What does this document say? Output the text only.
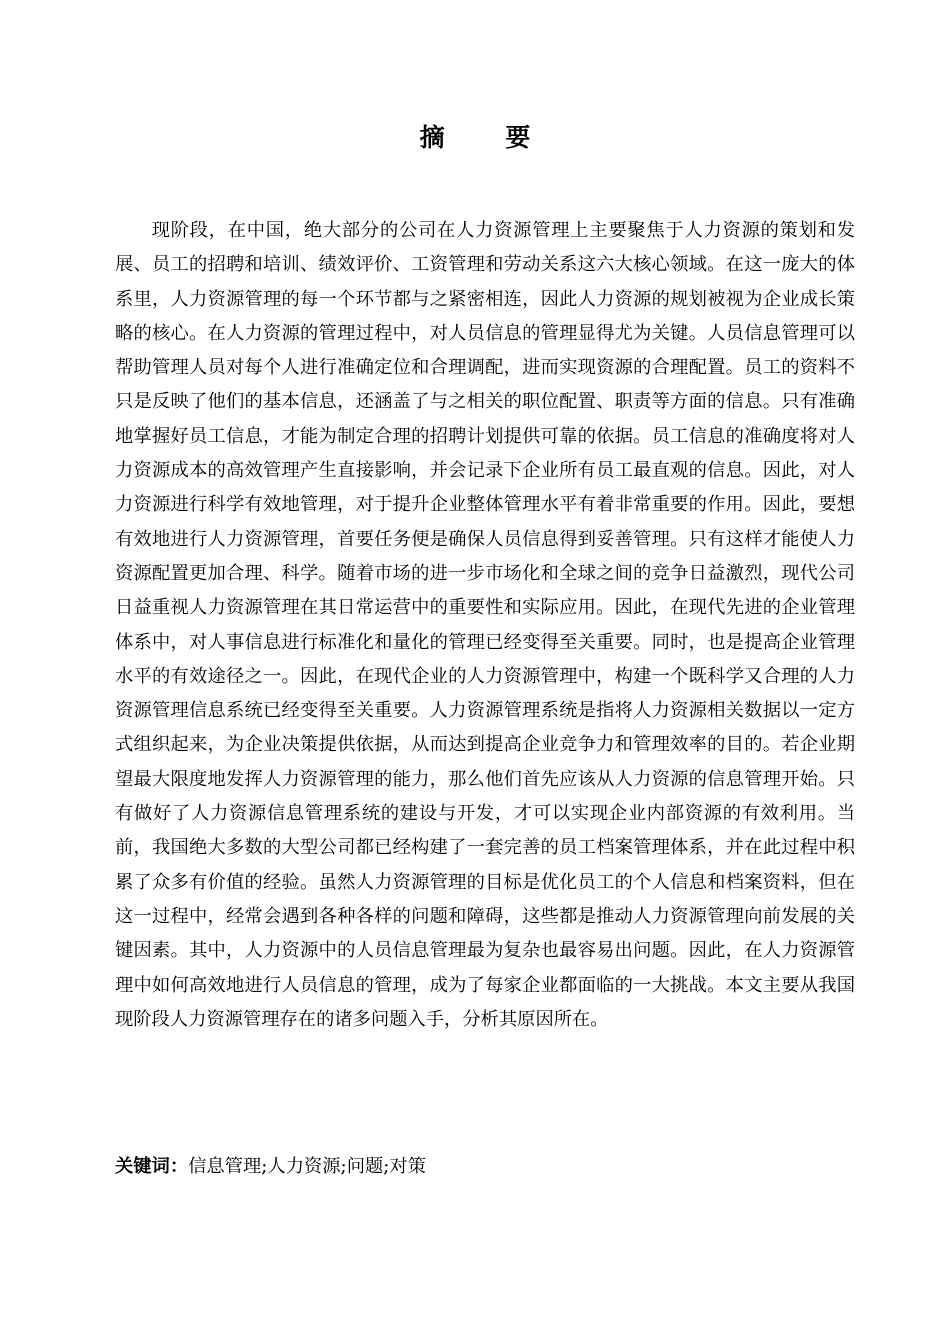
摘 要

现阶段，在中国，绝大部分的公司在人力资源管理上主要聚焦于人力资源的策划和发展、员工的招聘和培训、绩效评价、工资管理和劳动关系这六大核心领域。在这一庞大的体系里，人力资源管理的每一个环节都与之紧密相连，因此人力资源的规划被视为企业成长策略的核心。在人力资源的管理过程中，对人员信息的管理显得尤为关键。人员信息管理可以帮助管理人员对每个人进行准确定位和合理调配，进而实现资源的合理配置。员工的资料不只是反映了他们的基本信息，还涵盖了与之相关的职位配置、职责等方面的信息。只有准确地掌握好员工信息，才能为制定合理的招聘计划提供可靠的依据。员工信息的准确度将对人力资源成本的高效管理产生直接影响，并会记录下企业所有员工最直观的信息。因此，对人力资源进行科学有效地管理，对于提升企业整体管理水平有着非常重要的作用。因此，要想有效地进行人力资源管理，首要任务便是确保人员信息得到妥善管理。只有这样才能使人力资源配置更加合理、科学。随着市场的进一步市场化和全球之间的竞争日益激烈，现代公司日益重视人力资源管理在其日常运营中的重要性和实际应用。因此，在现代先进的企业管理体系中，对人事信息进行标准化和量化的管理已经变得至关重要。同时，也是提高企业管理水平的有效途径之一。因此，在现代企业的人力资源管理中，构建一个既科学又合理的人力资源管理信息系统已经变得至关重要。人力资源管理系统是指将人力资源相关数据以一定方式组织起来，为企业决策提供依据，从而达到提高企业竞争力和管理效率的目的。若企业期望最大限度地发挥人力资源管理的能力，那么他们首先应该从人力资源的信息管理开始。只有做好了人力资源信息管理系统的建设与开发，才可以实现企业内部资源的有效利用。当前，我国绝大多数的大型公司都已经构建了一套完善的员工档案管理体系，并在此过程中积累了众多有价值的经验。虽然人力资源管理的目标是优化员工的个人信息和档案资料，但在这一过程中，经常会遇到各种各样的问题和障碍，这些都是推动人力资源管理向前发展的关键因素。其中，人力资源中的人员信息管理最为复杂也最容易出问题。因此，在人力资源管理中如何高效地进行人员信息的管理，成为了每家企业都面临的一大挑战。本文主要从我国现阶段人力资源管理存在的诸多问题入手，分析其原因所在。

关键词：信息管理;人力资源;问题;对策
